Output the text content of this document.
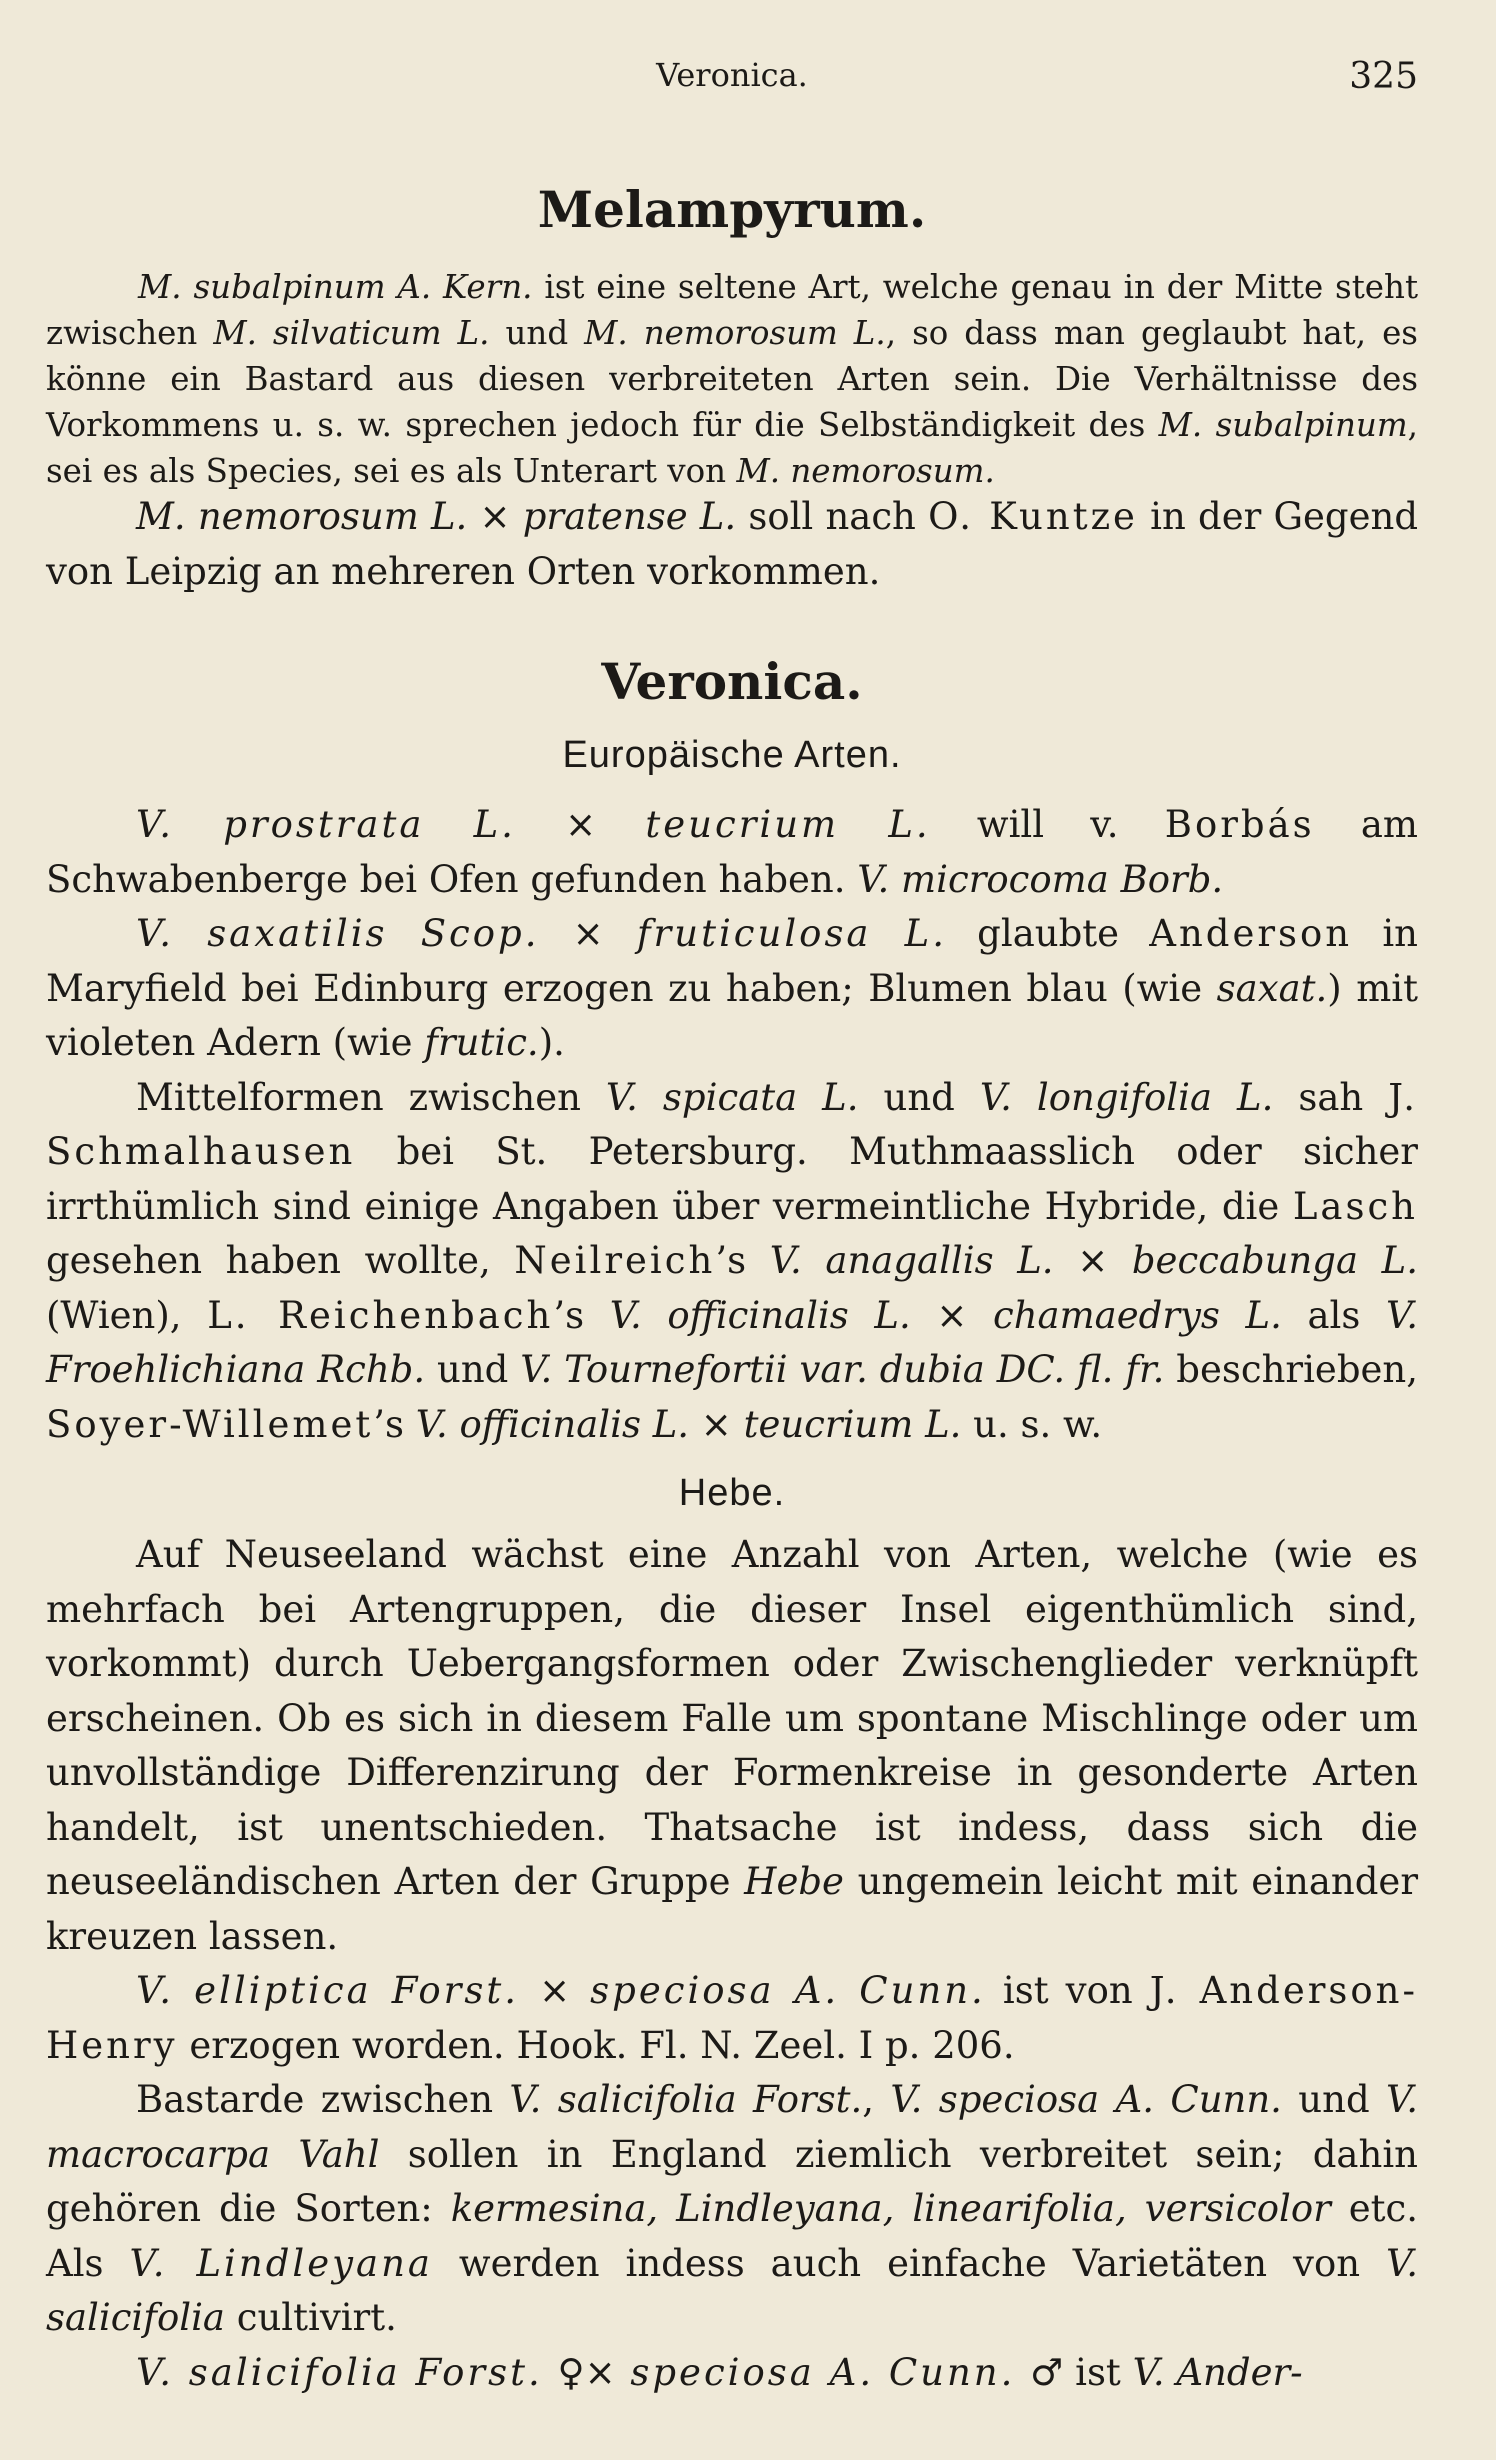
Veronica.	325
Melampyrum.

M. subalpinum A. Kern. ist eine seltene Art, welche genau in der Mitte steht zwischen M. silvaticum L. und M. nemorosum L., so dass man geglaubt hat, es könne ein Bastard aus diesen verbreiteten Arten sein. Die Verhältnisse des Vorkommens u. s. w. sprechen jedoch für die Selbständigkeit des M. subalpinum, sei es als Species, sei es als Unterart von M. nemorosum.

M. nemorosum L. × pratense L. soll nach O. Kuntze in der Gegend von Leipzig an mehreren Orten vorkommen.

Veronica.
Europäische Arten.

V. prostrata L. × teucrium L. will v. Borbás am Schwabenberge bei Ofen gefunden haben. V. microcoma Borb.

V. saxatilis Scop. × fruticulosa L. glaubte Anderson in Maryfield bei Edinburg erzogen zu haben; Blumen blau (wie saxat.) mit violeten Adern (wie frutic.).

Mittelformen zwischen V. spicata L. und V. longifolia L. sah J. Schmalhausen bei St. Petersburg. Muthmaasslich oder sicher irrthümlich sind einige Angaben über vermeintliche Hybride, die Lasch gesehen haben wollte, Neilreich’s V. anagallis L. × beccabunga L. (Wien), L. Reichenbach’s V. officinalis L. × chamaedrys L. als V. Froehlichiana Rchb. und V. Tournefortii var. dubia DC. fl. fr. beschrieben, Soyer-Willemet’s V. officinalis L. × teucrium L. u. s. w.

Hebe.

Auf Neuseeland wächst eine Anzahl von Arten, welche (wie es mehrfach bei Artengruppen, die dieser Insel eigenthümlich sind, vorkommt) durch Uebergangsformen oder Zwischenglieder verknüpft erscheinen. Ob es sich in diesem Falle um spontane Mischlinge oder um unvollständige Differenzirung der Formenkreise in gesonderte Arten handelt, ist unentschieden. Thatsache ist indess, dass sich die neuseeländischen Arten der Gruppe Hebe ungemein leicht mit einander kreuzen lassen.

V. elliptica Forst. × speciosa A. Cunn. ist von J. Anderson-Henry erzogen worden. Hook. Fl. N. Zeel. I p. 206.

Bastarde zwischen V. salicifolia Forst., V. speciosa A. Cunn. und V. macrocarpa Vahl sollen in England ziemlich verbreitet sein; dahin gehören die Sorten: kermesina, Lindleyana, linearifolia, versicolor etc. Als V. Lindleyana werden indess auch einfache Varietäten von V. salicifolia cultivirt.

V. salicifolia Forst. ♀× speciosa A. Cunn. ♂ ist V. Ander-
